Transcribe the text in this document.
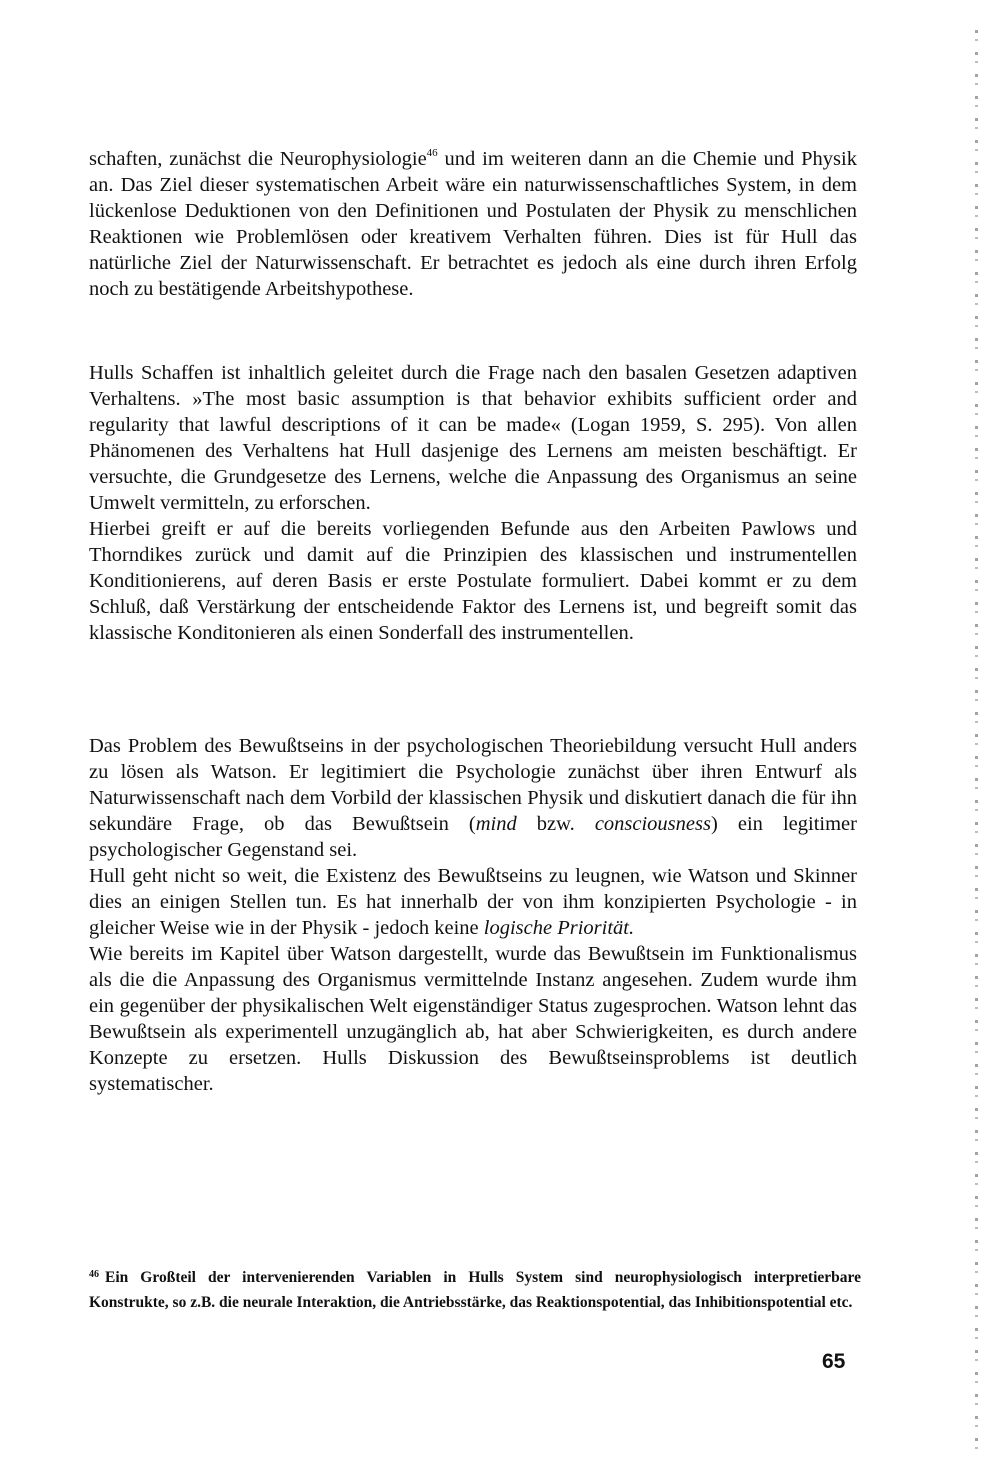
schaften, zunächst die Neurophysiologie$^{46}$ und im weiteren dann an die Chemie und Physik an. Das Ziel dieser systematischen Arbeit wäre ein naturwissenschaftliches System, in dem lückenlose Deduktionen von den Definitionen und Postulaten der Physik zu menschlichen Reaktionen wie Problemlösen oder kreativem Verhalten führen. Dies ist für Hull das natürliche Ziel der Naturwissenschaft. Er betrachtet es jedoch als eine durch ihren Erfolg noch zu bestätigende Arbeitshypothese.

Hulls Schaffen ist inhaltlich geleitet durch die Frage nach den basalen Gesetzen adaptiven Verhaltens. »The most basic assumption is that behavior exhibits sufficient order and regularity that lawful descriptions of it can be made« (Logan 1959, S. 295). Von allen Phänomenen des Verhaltens hat Hull dasjenige des Lernens am meisten beschäftigt. Er versuchte, die Grundgesetze des Lernens, welche die Anpassung des Organismus an seine Umwelt vermitteln, zu erforschen.

Hierbei greift er auf die bereits vorliegenden Befunde aus den Arbeiten Pawlows und Thorndikes zurück und damit auf die Prinzipien des klassischen und instrumentellen Konditionierens, auf deren Basis er erste Postulate formuliert. Dabei kommt er zu dem Schluß, daß Verstärkung der entscheidende Faktor des Lernens ist, und begreift somit das klassische Konditonieren als einen Sonderfall des instrumentellen.

Das Problem des Bewußtseins in der psychologischen Theoriebildung versucht Hull anders zu lösen als Watson. Er legitimiert die Psychologie zunächst über ihren Entwurf als Naturwissenschaft nach dem Vorbild der klassischen Physik und diskutiert danach die für ihn sekundäre Frage, ob das Bewußtsein (mind bzw. consciousness) ein legitimer psychologischer Gegenstand sei.

Hull geht nicht so weit, die Existenz des Bewußtseins zu leugnen, wie Watson und Skinner dies an einigen Stellen tun. Es hat innerhalb der von ihm konzipierten Psychologie - in gleicher Weise wie in der Physik - jedoch keine logische Priorität.

Wie bereits im Kapitel über Watson dargestellt, wurde das Bewußtsein im Funktionalismus als die die Anpassung des Organismus vermittelnde Instanz angesehen. Zudem wurde ihm ein gegenüber der physikalischen Welt eigenständiger Status zugesprochen. Watson lehnt das Bewußtsein als experimentell unzugänglich ab, hat aber Schwierigkeiten, es durch andere Konzepte zu ersetzen. Hulls Diskussion des Bewußtseinsproblems ist deutlich systematischer.

$^{46}$ Ein Großteil der intervenierenden Variablen in Hulls System sind neurophysiologisch interpretierbare Konstrukte, so z.B. die neurale Interaktion, die Antriebsstärke, das Reaktionspotential, das Inhibitionspotential etc.
65
